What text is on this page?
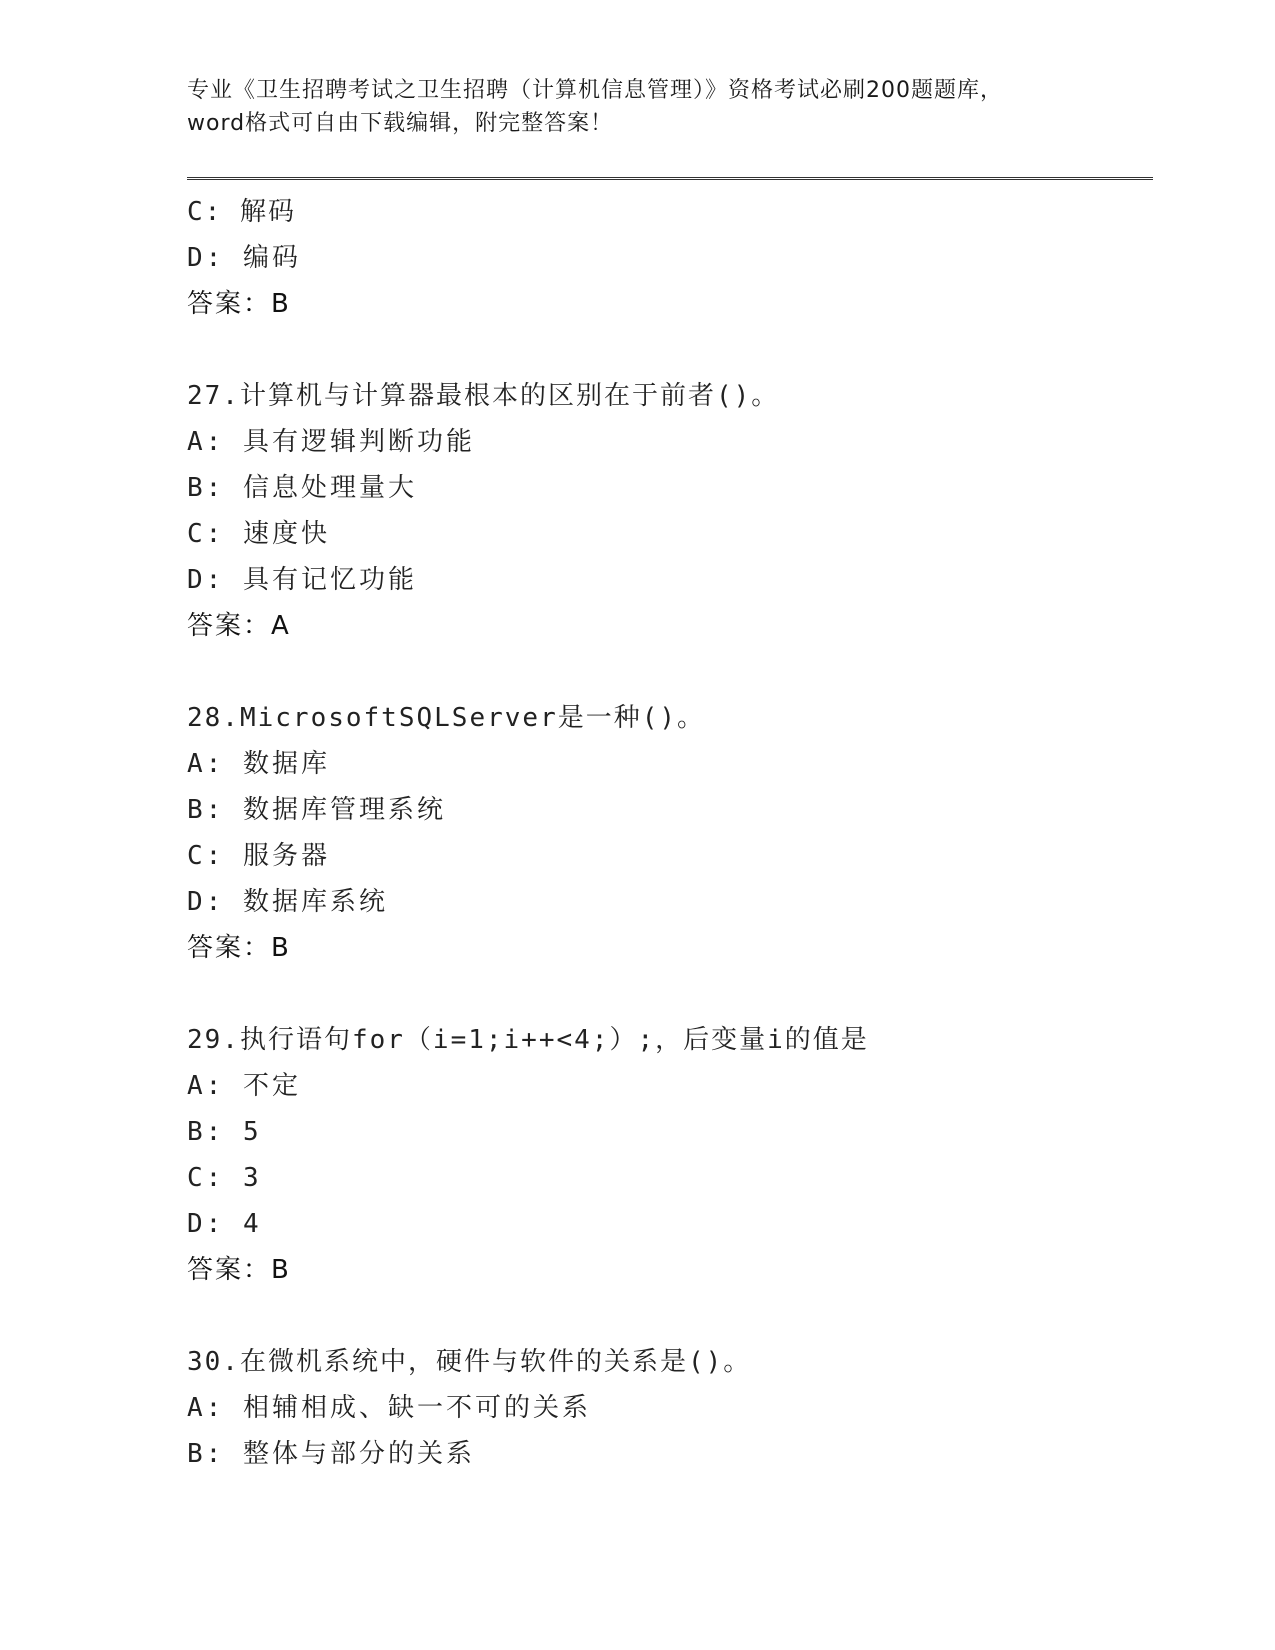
专业《卫生招聘考试之卫生招聘（计算机信息管理）》资格考试必刷200题题库，
word格式可自由下载编辑，附完整答案！
C: 解码
D: 编码
答案：B
27.计算机与计算器最根本的区别在于前者()。
A: 具有逻辑判断功能
B: 信息处理量大
C: 速度快
D: 具有记忆功能
答案：A
28.MicrosoftSQLServer是一种()。
A: 数据库
B: 数据库管理系统
C: 服务器
D: 数据库系统
答案：B
29.执行语句for（i=1;i++<4;）;，后变量i的值是
A: 不定
B: 5
C: 3
D: 4
答案：B
30.在微机系统中，硬件与软件的关系是()。
A: 相辅相成、缺一不可的关系
B: 整体与部分的关系
